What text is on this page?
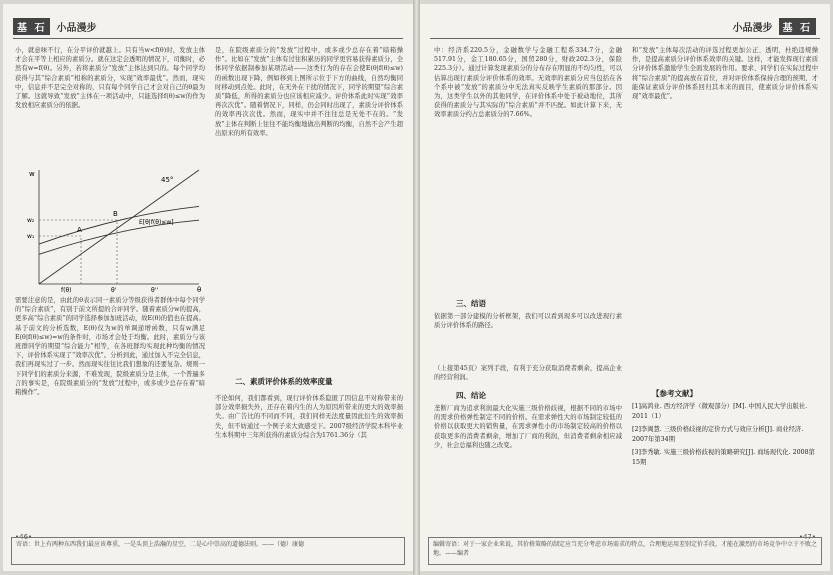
基 石	小品漫步
小，就意味不行，在分平评价就越上。只有当w<f(θ)时，发放主体才会在平等上相应的素质分。就在这定会透明的情况下，司衡时，必然有w=f(θ)。另外，若将素质分“发放”主体达到只的。每个同学均获得与其“综合素质”相称的素质分，实现“效率最优”。然而，现实中，信息并不是完全对称的，只有每个同学自己才会对自己的θ最为了解。这就导致“发放”主体在一项活动中，只能选择f(θ)≤w的作为发放相应素质分的依据。
45°
E[θ|f(θ)≤w]
A
B
w₁
w₂
f(θ)	θ'	θ''	θ
w
需要注意的是，由此的θ表示同一素质分等级获得者群体中每个同学的“综合素质”，有别于前文所提的合评同学。随着素质分w的提高，更多高“综合素质”的同学选择参加加班活动，故E(θ)的值也在提高。基于前文的分析选数，E(θ)仅为w的单调递增函数，只有w满足E(θ|f(θ)≤w)=w的条件时，市场才会处于均衡。此时，素质分与该班群同学的期望“综合能力”相等，在各班群均实现此种均衡的情况下，评价体系实现了“效率次优”。分析到此，通过加入不完全信息，我们再现实过了一步。然而现实往往比我们想象的还要复杂。规则一下同学们的素质分来源，不难发现，院级素质分是主体，一个普遍多言的事实是，在院级素质分的“发放”过程中，或多或少总存在着“暗箱操作”。
是，在院级素质分的“发放”过程中，或多或少总存在着“暗箱操作”。比如在“发放”主体有过往积累历的同学更容易获得素质分，全体同学依据制参加某项活动——这类行为的存在会使E(θ|f(θ)≤w)的函数出现下降，例如移到上图所示位于下方的曲线，自然均衡同时移动到点处。此时，在无外在干扰的情况下，同学的期望“综合素质”降低，所得的素质分也应该相应减少。评价体系此时实现“效率再次次优”。随着情况下，同样，仍会同时出现了，素质分评价体系的效率再次次优。然而，现实中并不往往总是无处不在的。“发放”主体在判断上往往不能均衡地做出判断的均衡，自然不会产生超出原来的所有效率。
二、素质评价体系的效率度量
不论如何，我们都看到，现行评价体系隐匿了因信息不对称带来的部分效率损失外，还存在着内生的人为原因所带来的更大的效率损失。由广告比的不同而不同，我们同样无法度量因此衍生的效率损失，但不妨通过一个例子来大致感受下。2007级经济学院本科毕业生本科期中三年所获得的素质分综合为1761.36分（其
•46•
寄语：世上有两种东西我们最应该尊重，一是头顶上浩瀚的星空，二是心中崇高的道德法则。——（德）康德
小品漫步	基 石
中：经济系220.5分，金融数学与金融工程系334.7分，金融517.91分，金工180.65分，国贸280分，财政202.3分，保险225.3分）。通过计算发现素质分的分布存在明显的不均匀性，可以估算出现行素质分评价体系的效率。无效率的素质分应当包括在各个系中被“发放”的素质分中无法真实反映学生素质的那部分。因为，这类学生以外的其他同学，在评价体系中处于被动地位，其所获得的素质分与其实际的“综合素质”并不匹配。如此计算下来，无效率素质分约占总素质分的7.66%。
三、结语
依据第一部分建模的分析框架，我们可以看到现多可以改进现行素质分评价体系的路径。
（上接第45页）案列手段，有利于充分获取消费者剩余，提高企业的经营利润。
四、结论
垄断厂商为追求利润最大化实施三级价格歧视，根据不同的市场中的需求价格弹性制定不同的价格。在需求弹性大的市场制定较低的价格以获取更大的销售量，在需求弹性小的市场制定较高的价格以获取更多的消费者剩余，增加了厂商的利润，但消费者剩余相应减少，社会总福利也随之改变。
和“发放”主体每次活动的评选过程更加公正、透明，杜绝违规操作，是提高素质分评价体系效率的关键。这样，才能发挥现行素质分评价体系激励学生全面发展的作用。要求、同学们在实际过程中将“综合素质”的提高放在首位，并对评价体系保持合理的预期，才能保证素质分评价体系回归其本来的面目，使素质分评价体系实现“效率最优”。
【参考文献】
[1]高鸿业. 西方经济学（微观部分）[M]. 中国人民大学出版社. 2011（1）
[2]李闽慧. 三级价格歧视的定价方式与效应分析[J]. 商业经济. 2007年第34期
[3]李秀敏. 实施三级价格歧视的策略研究[J]. 商场现代化. 2008第15期
•47•
编辑寄语：对于一家企业来说，其价格策略的制定应当充分考虑市场需求的特点，合理地运用差别定价手段，才能在激烈的市场竞争中立于不败之地。——编者
